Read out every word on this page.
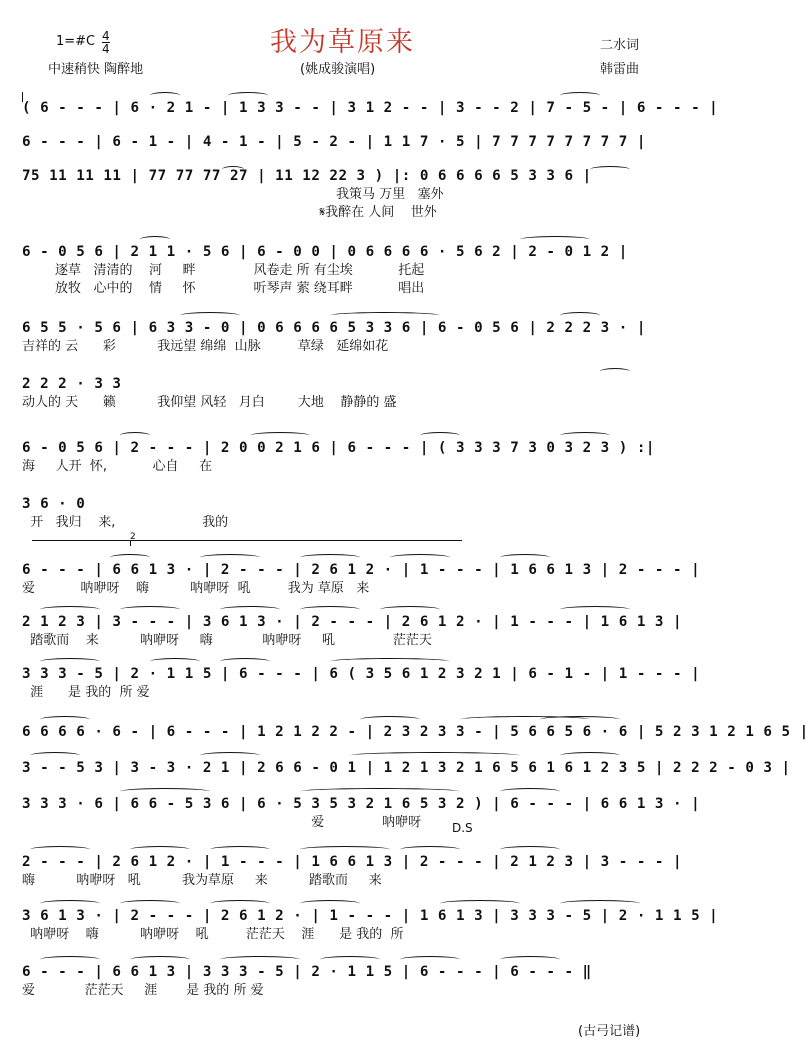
我为草原来
1=#C 4
4
中速稍快 陶醉地	(姚成骏演唱)
二水词
韩雷曲
( 6 - - - | 6 · 2 1 - | 1 3 3 - - | 3 1 2 - - | 3 - - 2 | 7 - 5 - | 6 - - - |
6 - - - | 6 - 1 - | 4 - 1 - | 5 - 2 - | 1 1 7 · 5 | 7 7 7 7 7 7 7 7 |
75 11 11 11 | 77 77 77 27 | 11 12 22 3 ) |: 0 6 6 6 6 5 3 3 6 |
我策马 万里   塞外
𝄋我醉在 人间    世外
6 - 0 5 6 | 2 1 1 · 5 6 | 6 - 0 0 | 0 6 6 6 6 · 5 6 2 | 2 - 0 1 2 |
逐草   清清的    河     畔              风卷走 所 有尘埃           托起
放牧   心中的    情     怀              听琴声 萦 绕耳畔           唱出
6 5 5 · 5 6 | 6 3 3 - 0 | 0 6 6 6 6 5 3 3 6 | 6 - 0 5 6 | 2 2 2 3 · |
吉祥的 云      彩          我远望 绵绵  山脉         草绿   延绵如花
2 2 2 · 3 3
动人的 天      籁          我仰望 风轻   月白        大地    静静的 盛
6 - 0 5 6 | 2 - - - | 2 0 0 2 1 6 | 6 - - - | ( 3 3 3 7 3 0 3 2 3 ) :|
海     人开  怀,           心自     在
3 6 · 0
开   我归    来,                     我的
6 - - - | 6 6 1 3 · | 2 - - - | 2 6 1 2 · | 1 - - - | 1 6 6 1 3 | 2 - - - |
爱           呐咿呀    嗨          呐咿呀  吼         我为 草原   来
2 1 2 3 | 3 - - - | 3 6 1 3 · | 2 - - - | 2 6 1 2 · | 1 - - - | 1 6 1 3 |
踏歌而    来          呐咿呀     嗨            呐咿呀     吼              茫茫天
3 3 3 - 5 | 2 · 1 1 5 | 6 - - - | 6 ( 3 5 6 1 2 3 2 1 | 6 - 1 - | 1 - - - |
涯      是 我的  所 爱
6 6 6 6 · 6 - | 6 - - - | 1 2 1 2 2 - | 2 3 2 3 3 - | 5 6 6 5 6 · 6 | 5 2 3 1 2 1 6 5 |
3 - - 5 3 | 3 - 3 · 2 1 | 2 6 6 - 0 1 | 1 2 1 3 2 1 6 5 6 1 6 1 2 3 5 | 2 2 2 - 0 3 |
3 3 3 · 6 | 6 6 - 5 3 6 | 6 · 5 3 5 3 2 1 6 5 3 2 ) | 6 - - - | 6 6 1 3 · |
爱              呐咿呀
2 - - - | 2 6 1 2 · | 1 - - - | 1 6 6 1 3 | 2 - - - | 2 1 2 3 | 3 - - - |
嗨          呐咿呀   吼          我为草原     来          踏歌而     来
3 6 1 3 · | 2 - - - | 2 6 1 2 · | 1 - - - | 1 6 1 3 | 3 3 3 - 5 | 2 · 1 1 5 |
呐咿呀    嗨          呐咿呀    吼         茫茫天    涯      是 我的  所
6 - - - | 6 6 1 3 | 3 3 3 - 5 | 2 · 1 1 5 | 6 - - - | 6 - - - ‖
爱            茫茫天     涯       是 我的 所 爱
2
D.S
(古弓记谱)
